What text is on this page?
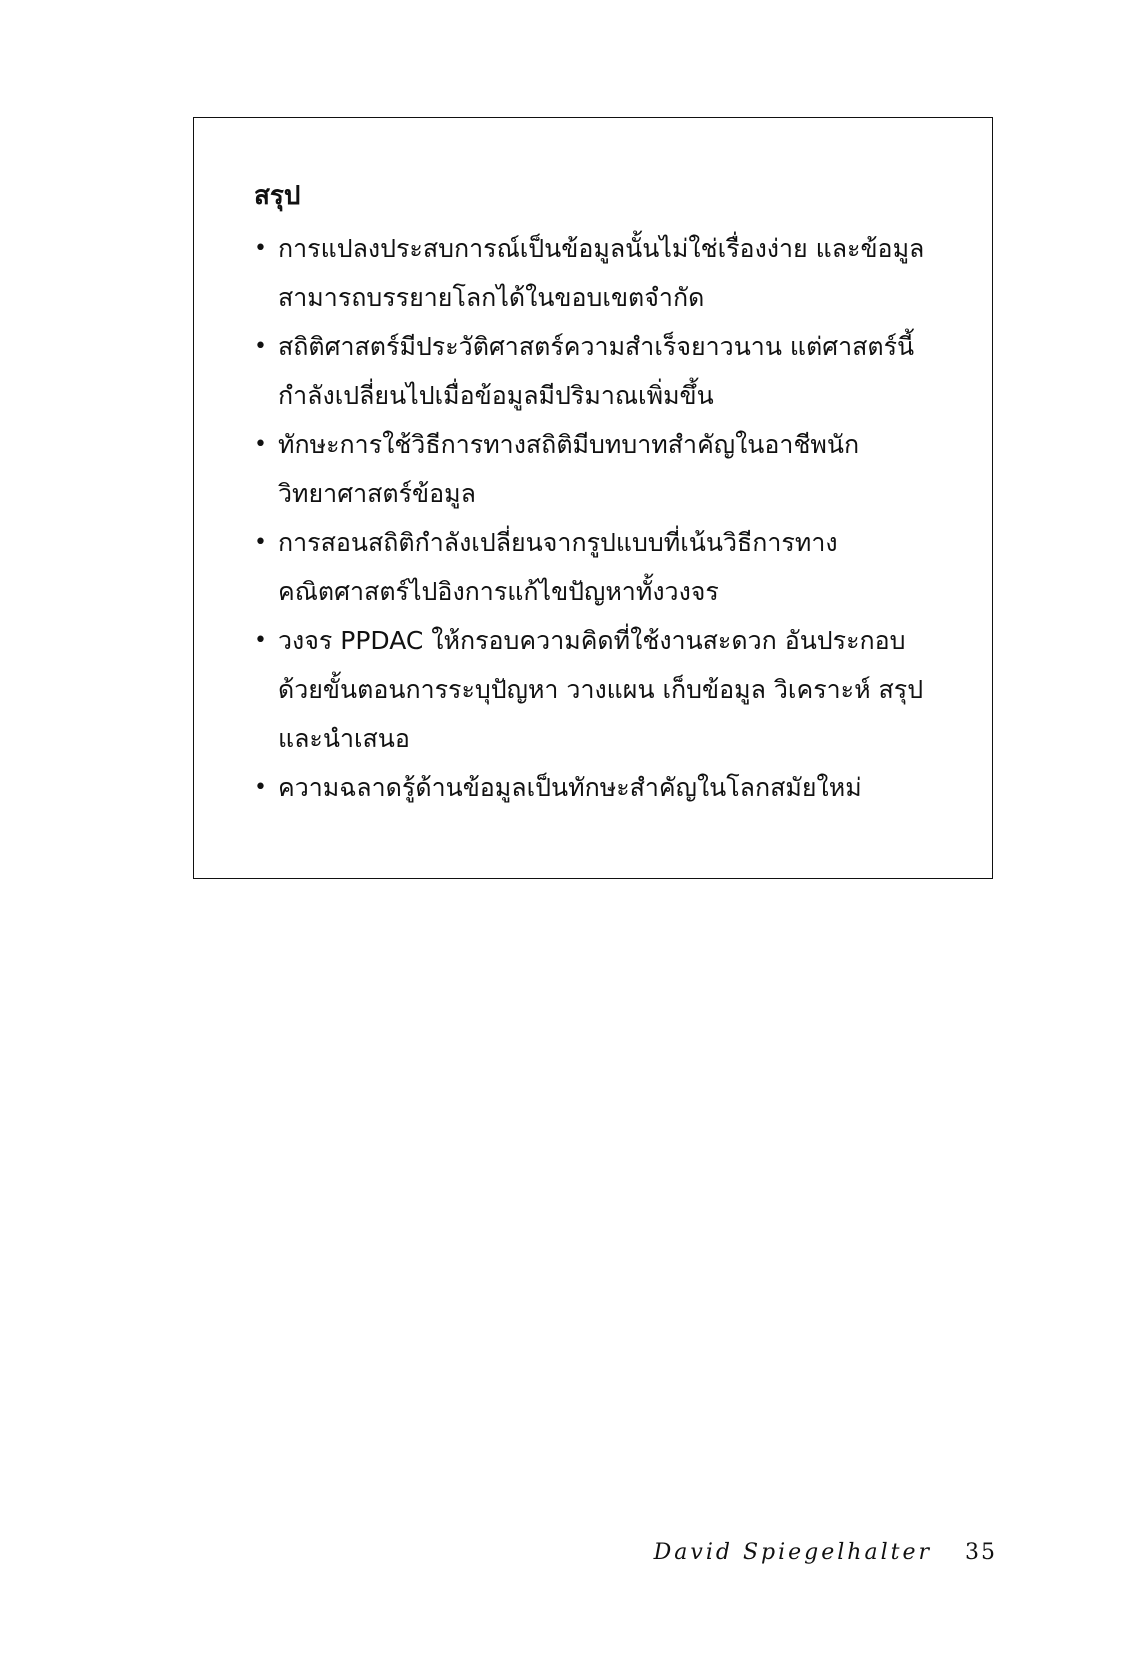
สรุป
• การแปลงประสบการณ์เป็นข้อมูลนั้นไม่ใช่เรื่องง่าย และข้อมูลสามารถบรรยายโลกได้ในขอบเขตจำกัด
• สถิติศาสตร์มีประวัติศาสตร์ความสำเร็จยาวนาน แต่ศาสตร์นี้กำลังเปลี่ยนไปเมื่อข้อมูลมีปริมาณเพิ่มขึ้น
• ทักษะการใช้วิธีการทางสถิติมีบทบาทสำคัญในอาชีพนักวิทยาศาสตร์ข้อมูล
• การสอนสถิติกำลังเปลี่ยนจากรูปแบบที่เน้นวิธีการทางคณิตศาสตร์ไปอิงการแก้ไขปัญหาทั้งวงจร
• วงจร PPDAC ให้กรอบความคิดที่ใช้งานสะดวก อันประกอบด้วยขั้นตอนการระบุปัญหา วางแผน เก็บข้อมูล วิเคราะห์ สรุป และนำเสนอ
• ความฉลาดรู้ด้านข้อมูลเป็นทักษะสำคัญในโลกสมัยใหม่
David Spiegelhalter 35
